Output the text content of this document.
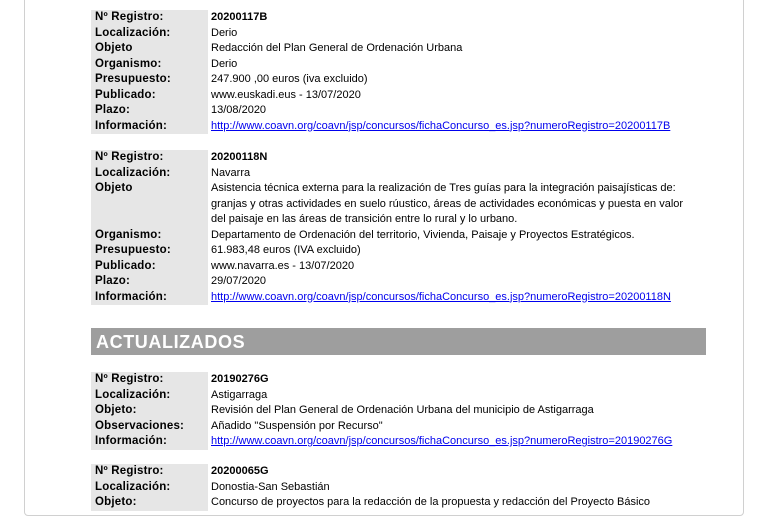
Nº Registro:	20200117B
Localización:	Derio
Objeto	Redacción del Plan General de Ordenación Urbana
Organismo:	Derio
Presupuesto:	247.900 ,00 euros (iva excluido)
Publicado:	www.euskadi.eus - 13/07/2020
Plazo:	13/08/2020
Información:	http://www.coavn.org/coavn/jsp/concursos/fichaConcurso_es.jsp?numeroRegistro=20200117B
Nº Registro:	20200118N
Localización:	Navarra
Objeto	Asistencia técnica externa para la realización de Tres guías para la integración paisajísticas de: granjas y otras actividades en suelo rúustico, áreas de actividades económicas y puesta en valor del paisaje en las áreas de transición entre lo rural y lo urbano.
Organismo:	Departamento de Ordenación del territorio, Vivienda, Paisaje y Proyectos Estratégicos.
Presupuesto:	61.983,48 euros (IVA excluido)
Publicado:	www.navarra.es - 13/07/2020
Plazo:	29/07/2020
Información:	http://www.coavn.org/coavn/jsp/concursos/fichaConcurso_es.jsp?numeroRegistro=20200118N
ACTUALIZADOS
Nº Registro:	20190276G
Localización:	Astigarraga
Objeto:	Revisión del Plan General de Ordenación Urbana del municipio de Astigarraga
Observaciones:	Añadido "Suspensión por Recurso"
Información:	http://www.coavn.org/coavn/jsp/concursos/fichaConcurso_es.jsp?numeroRegistro=20190276G
Nº Registro:	20200065G
Localización:	Donostia-San Sebastián
Objeto:	Concurso de proyectos para la redacción de la propuesta y redacción del Proyecto Básico
